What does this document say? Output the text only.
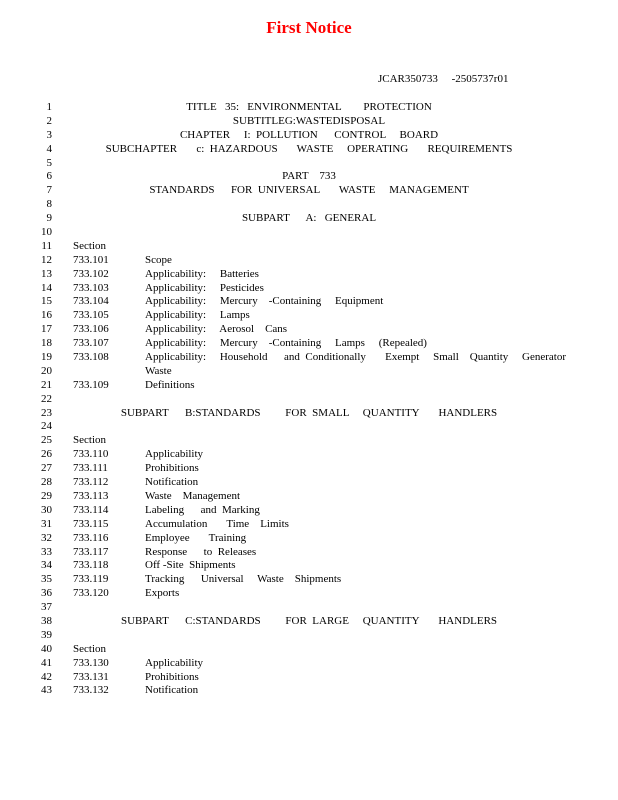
First Notice
JCAR350733     -2505737r01
1	TITLE   35:   ENVIRONMENTAL        PROTECTION
2	SUBTITLEG:WASTEDISPOSAL
3	CHAPTER     I:  POLLUTION      CONTROL     BOARD
4	SUBCHAPTER       c:  HAZARDOUS       WASTE     OPERATING       REQUIREMENTS
5
6	PART    733
7	STANDARDS      FOR  UNIVERSAL       WASTE     MANAGEMENT
8
9	SUBPART      A:   GENERAL
10
11 Section
12 733.101	Scope
13 733.102	Applicability:     Batteries
14 733.103	Applicability:     Pesticides
15 733.104	Applicability:     Mercury    -Containing     Equipment
16 733.105	Applicability:     Lamps
17 733.106	Applicability:     Aerosol    Cans
18 733.107	Applicability:     Mercury    -Containing     Lamps     (Repealed)
19 733.108	Applicability:     Household      and  Conditionally       Exempt     Small    Quantity     Generator
20	Waste
21 733.109	Definitions
22
23	SUBPART      B:STANDARDS         FOR  SMALL     QUANTITY       HANDLERS
24
25 Section
26 733.110	Applicability
27 733.111	Prohibitions
28 733.112	Notification
29 733.113	Waste    Management
30 733.114	Labeling      and  Marking
31 733.115	Accumulation       Time    Limits
32 733.116	Employee       Training
33 733.117	Response      to  Releases
34 733.118	Off -Site  Shipments
35 733.119	Tracking      Universal     Waste    Shipments
36 733.120	Exports
37
38	SUBPART      C:STANDARDS         FOR  LARGE     QUANTITY       HANDLERS
39
40 Section
41 733.130	Applicability
42 733.131	Prohibitions
43 733.132	Notification
